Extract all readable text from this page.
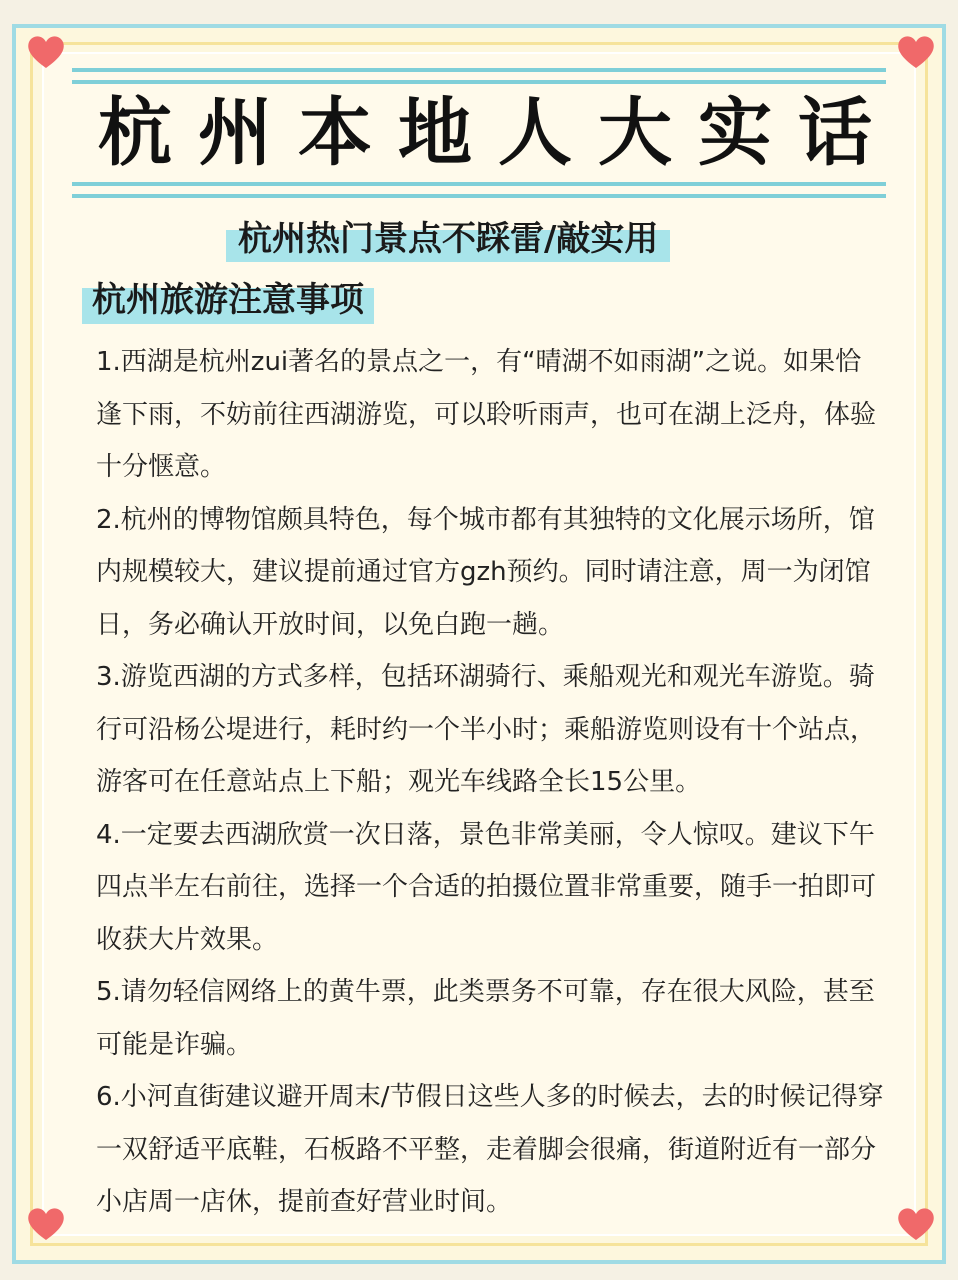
杭州本地人大实话
杭州热门景点不踩雷/敲实用
杭州旅游注意事项
1.西湖是杭州zui著名的景点之一，有“晴湖不如雨湖”之说。如果恰逢下雨，不妨前往西湖游览，可以聆听雨声，也可在湖上泛舟，体验十分惬意。
2.杭州的博物馆颇具特色，每个城市都有其独特的文化展示场所，馆内规模较大，建议提前通过官方gzh预约。同时请注意，周一为闭馆日，务必确认开放时间，以免白跑一趟。
3.游览西湖的方式多样，包括环湖骑行、乘船观光和观光车游览。骑行可沿杨公堤进行，耗时约一个半小时；乘船游览则设有十个站点，游客可在任意站点上下船；观光车线路全长15公里。
4.一定要去西湖欣赏一次日落，景色非常美丽，令人惊叹。建议下午四点半左右前往，选择一个合适的拍摄位置非常重要，随手一拍即可收获大片效果。
5.请勿轻信网络上的黄牛票，此类票务不可靠，存在很大风险，甚至可能是诈骗。
6.小河直街建议避开周末/节假日这些人多的时候去，去的时候记得穿一双舒适平底鞋，石板路不平整，走着脚会很痛，街道附近有一部分小店周一店休，提前查好营业时间。
